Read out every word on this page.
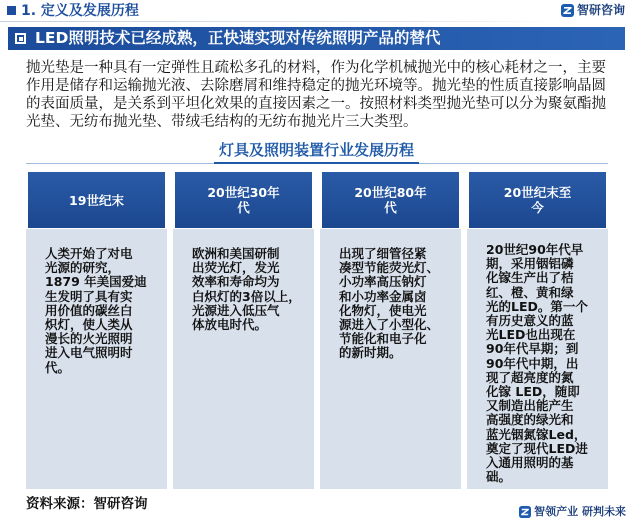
1. 定义及发展历程	智研咨询
LED照明技术已经成熟，正快速实现对传统照明产品的替代
抛光垫是一种具有一定弹性且疏松多孔的材料，作为化学机械抛光中的核心耗材之一，主要
作用是储存和运输抛光液、去除磨屑和维持稳定的抛光环境等。抛光垫的性质直接影响晶圆
的表面质量，是关系到平坦化效果的直接因素之一。按照材料类型抛光垫可以分为聚氨酯抛
光垫、无纺布抛光垫、带绒毛结构的无纺布抛光片三大类型。
灯具及照明装置行业发展历程
19世纪末
人类开始了对电
光源的研究，
1879 年美国爱迪
生发明了具有实
用价值的碳丝白
炽灯，使人类从
漫长的火光照明
进入电气照明时
代。
20世纪30年
代
欧洲和美国研制
出荧光灯，发光
效率和寿命均为
白炽灯的3倍以上，
光源进入低压气
体放电时代。
20世纪80年
代
出现了细管径紧
凑型节能荧光灯、
小功率高压钠灯
和小功率金属卤
化物灯，使电光
源进入了小型化、
节能化和电子化
的新时期。
20世纪末至
今
20世纪90年代早
期，采用铟铝磷
化镓生产出了桔
红、橙、黄和绿
光的LED。第一个
有历史意义的蓝
光LED也出现在
90年代早期；到
90年代中期，出
现了超亮度的氮
化镓 LED，随即
又制造出能产生
高强度的绿光和
蓝光铟氮镓Led，
奠定了现代LED进
入通用照明的基
础。
资料来源：智研咨询	智领产业 研判未来
